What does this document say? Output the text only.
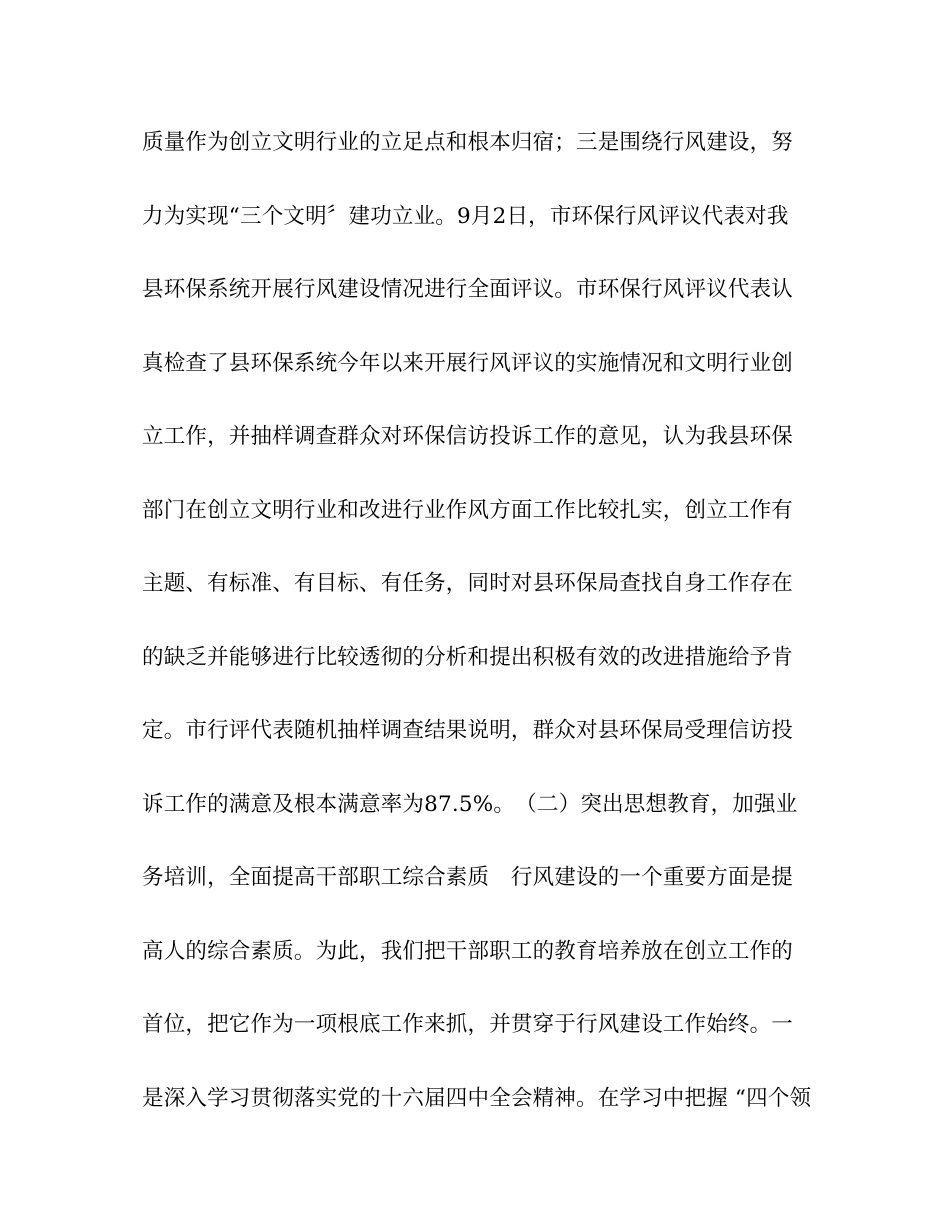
质量作为创立文明行业的立足点和根本归宿；三是围绕行风建设，努
力为实现“三个文明〞建功立业。9月2日，市环保行风评议代表对我
县环保系统开展行风建设情况进行全面评议。市环保行风评议代表认
真检查了县环保系统今年以来开展行风评议的实施情况和文明行业创
立工作，并抽样调查群众对环保信访投诉工作的意见，认为我县环保
部门在创立文明行业和改进行业作风方面工作比较扎实，创立工作有
主题、有标准、有目标、有任务，同时对县环保局查找自身工作存在
的缺乏并能够进行比较透彻的分析和提出积极有效的改进措施给予肯
定。市行评代表随机抽样调查结果说明，群众对县环保局受理信访投
诉工作的满意及根本满意率为87.5%。　（二）突出思想教育，加强业
务培训，全面提高干部职工综合素质　行风建设的一个重要方面是提
高人的综合素质。为此，我们把干部职工的教育培养放在创立工作的
首位，把它作为一项根底工作来抓，并贯穿于行风建设工作始终。一
是深入学习贯彻落实党的十六届四中全会精神。在学习中把握 “四个领
